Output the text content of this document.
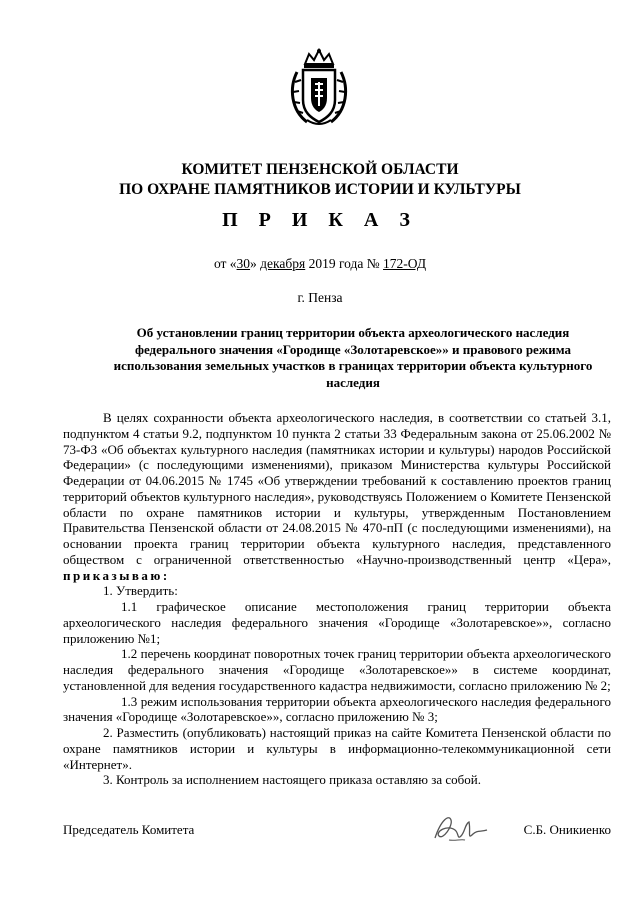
КОМИТЕТ ПЕНЗЕНСКОЙ ОБЛАСТИ
ПО ОХРАНЕ ПАМЯТНИКОВ ИСТОРИИ И КУЛЬТУРЫ
П Р И К А З
от «30» декабря 2019 года № 172-ОД
г. Пенза
Об установлении границ территории объекта археологического наследия федерального значения «Городище «Золотаревское»» и правового режима использования земельных участков в границах территории объекта культурного наследия

В целях сохранности объекта археологического наследия, в соответствии со статьей 3.1, подпунктом 4 статьи 9.2, подпунктом 10 пункта 2 статьи 33 Федеральным закона от 25.06.2002 № 73-ФЗ «Об объектах культурного наследия (памятниках истории и культуры) народов Российской Федерации» (с последующими изменениями), приказом Министерства культуры Российской Федерации от 04.06.2015 № 1745 «Об утверждении требований к составлению проектов границ территорий объектов культурного наследия», руководствуясь Положением о Комитете Пензенской области по охране памятников истории и культуры, утвержденным Постановлением Правительства Пензенской области от 24.08.2015 № 470-пП (с последующими изменениями), на основании проекта границ территории объекта культурного наследия, представленного обществом с ограниченной ответственностью «Научно-производственный центр «Цера», приказываю:

1. Утвердить:

1.1 графическое описание местоположения границ территории объекта археологического наследия федерального значения «Городище «Золотаревское»», согласно приложению №1;

1.2 перечень координат поворотных точек границ территории объекта археологического наследия федерального значения «Городище «Золотаревское»» в системе координат, установленной для ведения государственного кадастра недвижимости, согласно приложению № 2;

1.3 режим использования территории объекта археологического наследия федерального значения «Городище «Золотаревское»», согласно приложению № 3;

2. Разместить (опубликовать) настоящий приказ на сайте Комитета Пензенской области по охране памятников истории и культуры в информационно-телекоммуникационной сети «Интернет».

3. Контроль за исполнением настоящего приказа оставляю за собой.

Председатель Комитета	С.Б. Оникиенко
